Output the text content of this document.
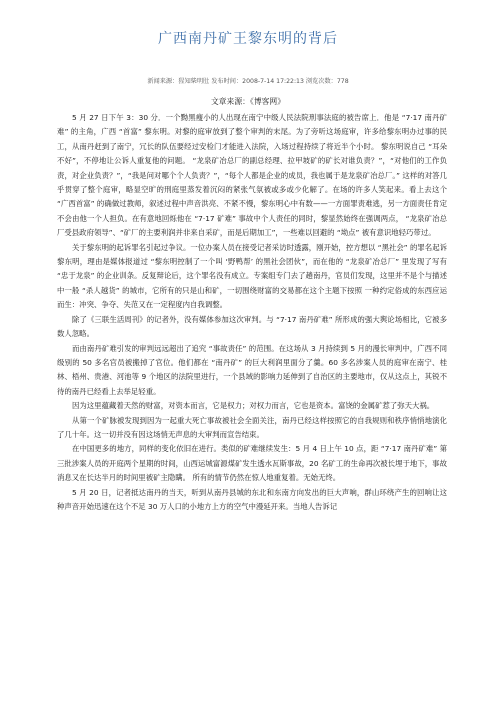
广西南丹矿王黎东明的背后
新闻来源：猩知柴明肚 发布时间：2008-7-14 17:22:13 浏览次数：778
文章来源：《博客网》

5 月 27 日下午 3：30 分．一个黝黑瘦小的人出现在南宁中级人民法院刑事法庭的被告席上．他是 “7·17 南丹矿难” 的主角，广西 “首富” 黎东明。对黎的庭审放到了整个审判的末尾。为了旁听这场庭审，许多给黎东明办过事的民工，从南丹赶到了南宁，冗长的队伍要经过安检门才能进入法院，入场过程持续了将近半个小时。 黎东明说自己 “耳朵不好”，不停地让公诉人重复他的问题。 “龙泉矿冶总厂的副总经理、拉甲坡矿的矿长对谁负责？”，“对他们的工作负责，对企业负责？”，“我是问对哪个个人负责？”，“每个人都是企业的成员，我也属于是龙泉矿冶总厂。” 这样的对答几乎贯穿了整个庭审，略显空旷的刑庭里蒸发着沉闷的紧张气氛被或多或少化解了。在场的许多人笑起来。看上去这个 “广西首富” 的确做过教师，叙述过程中声音洪亮、不紧不慢，黎东明心中有数——一方面罪责难逃，另一方面责任肯定不会由他一个人担负。在有意地回烁他在 “7·17 矿难” 事故中个人责任的同时，黎显然始终在强调两点， “龙泉矿冶总厂受县政府领导”、“矿厂的主要利润并非来自采矿，而是后期加工”，一些难以回避的 “坳点” 被有意识地轻巧带过。

关于黎东明的起诉罪名引起过争议。一位办案人员在接受记者采访时透露，刚开始，控方想以 “黑社会” 的罪名起诉黎东明，理由是媒体报道过 “黎东明控制了一个叫 ‘野鸭帮’ 的黑社会团伙”，而在他的 “龙泉矿冶总厂” 里发现了写有 “忠于龙泉” 的企业训条。反复辩论后，这个罪名没有成立。专案组专门去了趟南丹，官员们发现，这里并不是个与描述中一般 “杀人越货” 的城市，它所有的只是山和矿，一切围绕财富的交易都在这个主题下按照 一种约定俗成的东西应运而生：冲突、争夺、失范又在一定程度内自我调整。

除了《三联生活周刊》的记者外，没有媒体参加这次审判。与 “7·17 南丹矿难” 所形成的强大舆论场相比，它被多数人忽略。

而由南丹矿难引发的审判远远超出了追究 “事故责任” 的范围。在这场从 3 月持续到 5 月的漫长审判中，广西不同级别的 50 多名官员被搬掉了官位。他们都在 “南丹矿” 的巨大利润里面分了羹。60 多名涉案人员的庭审在南宁、桂林、梧州、贵港、河池等 9 个地区的法院里进行，一个县域的影响力延伸到了自治区的主要地市，仅从这点上，其锐不待的南丹已经看上去举足轻重。

因为这里蕴藏着天然的财富，对资本而言，它是权力；对权力而言，它也是资本。富饶的金属矿惹了弥天大祸。

从第一个矿脉被发现到因为一起重大死亡事故被社会全面关注，南丹已经这样按照它的自我规则和秩序悄悄地演化了几十年。这一切并没有因这场悄无声息的大审判而宣告结束。

在中国更多的地方，同样的变化依旧在进行。类似的矿难继续发生：5 月 4 日上午 10 点，距 “7·17 南丹矿难” 第三批涉案人员的开庭两个星期的时间，山西运城富源煤矿发生透水瓦斯事故，20 名矿工的生命再次被长埋于地下，事故消息又在长达半月的时间里被矿主隐瞒。 所有的情节仍然在惊人地重复着。无始无终。

5 月 20 日，记者抵达南丹的当天，听到从南丹县城的东北和东南方向发出的巨大声响，群山环绕产生的回响让这种声音开始迅速在这个不足 30 万人口的小地方上方的空气中漫延开来。当地人告诉记
